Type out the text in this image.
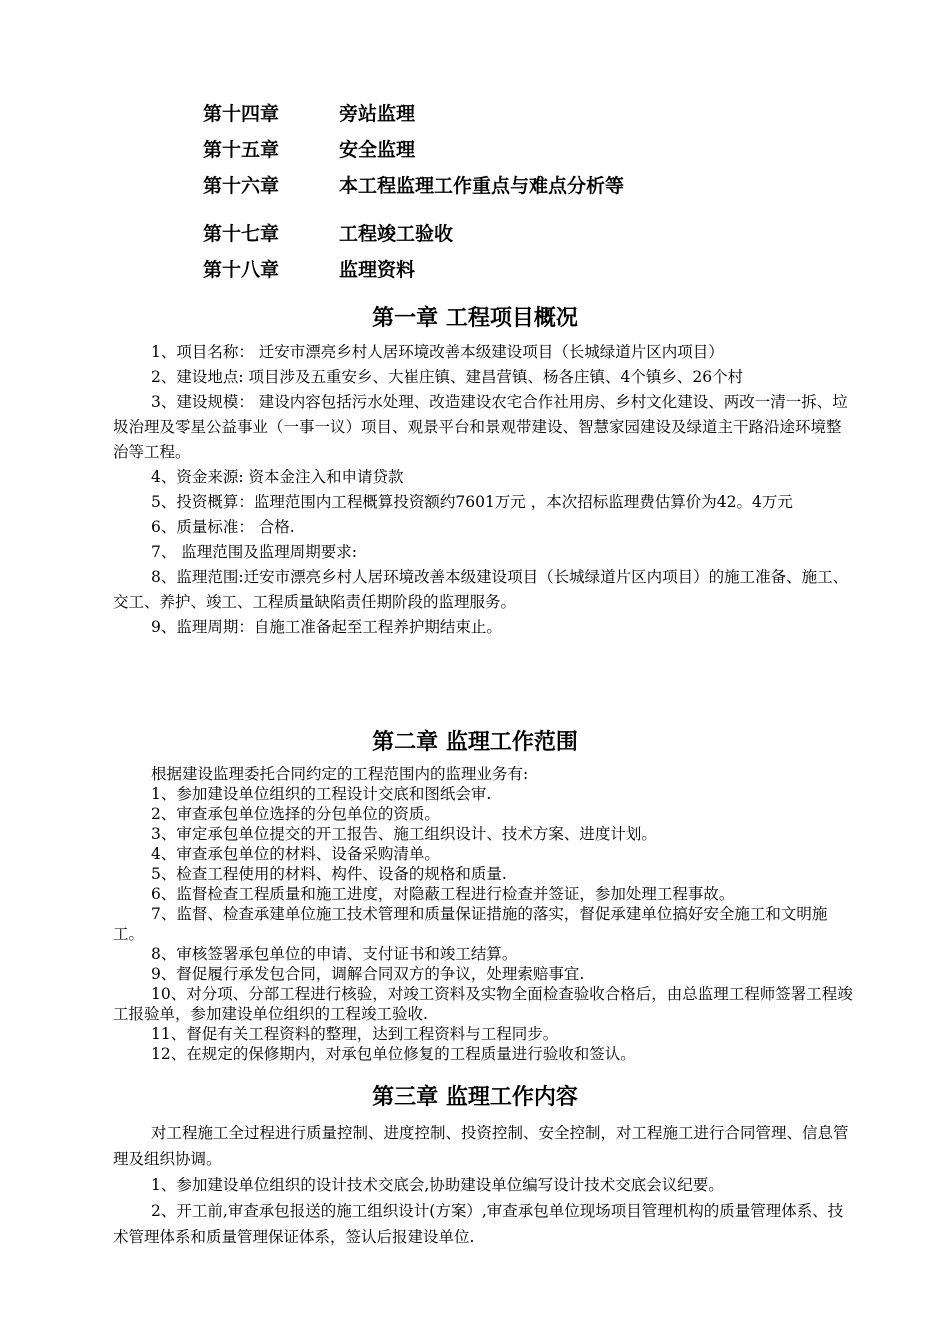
第十四章	旁站监理
第十五章	安全监理
第十六章	本工程监理工作重点与难点分析等
第十七章	工程竣工验收
第十八章	监理资料
第一章 工程项目概况

1、项目名称： 迁安市漂亮乡村人居环境改善本级建设项目（长城绿道片区内项目）

2、建设地点: 项目涉及五重安乡、大崔庄镇、建昌营镇、杨各庄镇、4个镇乡、26个村

3、建设规模： 建设内容包括污水处理、改造建设农宅合作社用房、乡村文化建设、两改一清一拆、垃圾治理及零星公益事业（一事一议）项目、观景平台和景观带建设、智慧家园建设及绿道主干路沿途环境整治等工程。

4、资金来源: 资本金注入和申请贷款

5、投资概算：监理范围内工程概算投资额约7601万元 ，本次招标监理费估算价为42。4万元

6、质量标准： 合格.

7、 监理范围及监理周期要求:

8、监理范围:迁安市漂亮乡村人居环境改善本级建设项目（长城绿道片区内项目）的施工准备、施工、交工、养护、竣工、工程质量缺陷责任期阶段的监理服务。

9、监理周期：自施工准备起至工程养护期结束止。

第二章 监理工作范围

根据建设监理委托合同约定的工程范围内的监理业务有:

1、参加建设单位组织的工程设计交底和图纸会审.

2、审查承包单位选择的分包单位的资质。

3、审定承包单位提交的开工报告、施工组织设计、技术方案、进度计划。

4、审查承包单位的材料、设备采购清单。

5、检查工程使用的材料、构件、设备的规格和质量.

6、监督检查工程质量和施工进度，对隐蔽工程进行检查并签证，参加处理工程事故。

7、监督、检查承建单位施工技术管理和质量保证措施的落实，督促承建单位搞好安全施工和文明施工。

8、审核签署承包单位的申请、支付证书和竣工结算。

9、督促履行承发包合同，调解合同双方的争议，处理索赔事宜.

10、对分项、分部工程进行核验，对竣工资料及实物全面检查验收合格后，由总监理工程师签署工程竣工报验单，参加建设单位组织的工程竣工验收.

11、督促有关工程资料的整理，达到工程资料与工程同步。

12、在规定的保修期内，对承包单位修复的工程质量进行验收和签认。

第三章 监理工作内容

对工程施工全过程进行质量控制、进度控制、投资控制、安全控制，对工程施工进行合同管理、信息管理及组织协调。

1、参加建设单位组织的设计技术交底会,协助建设单位编写设计技术交底会议纪要。

2、开工前,审查承包报送的施工组织设计(方案）,审查承包单位现场项目管理机构的质量管理体系、技术管理体系和质量管理保证体系，签认后报建设单位.
